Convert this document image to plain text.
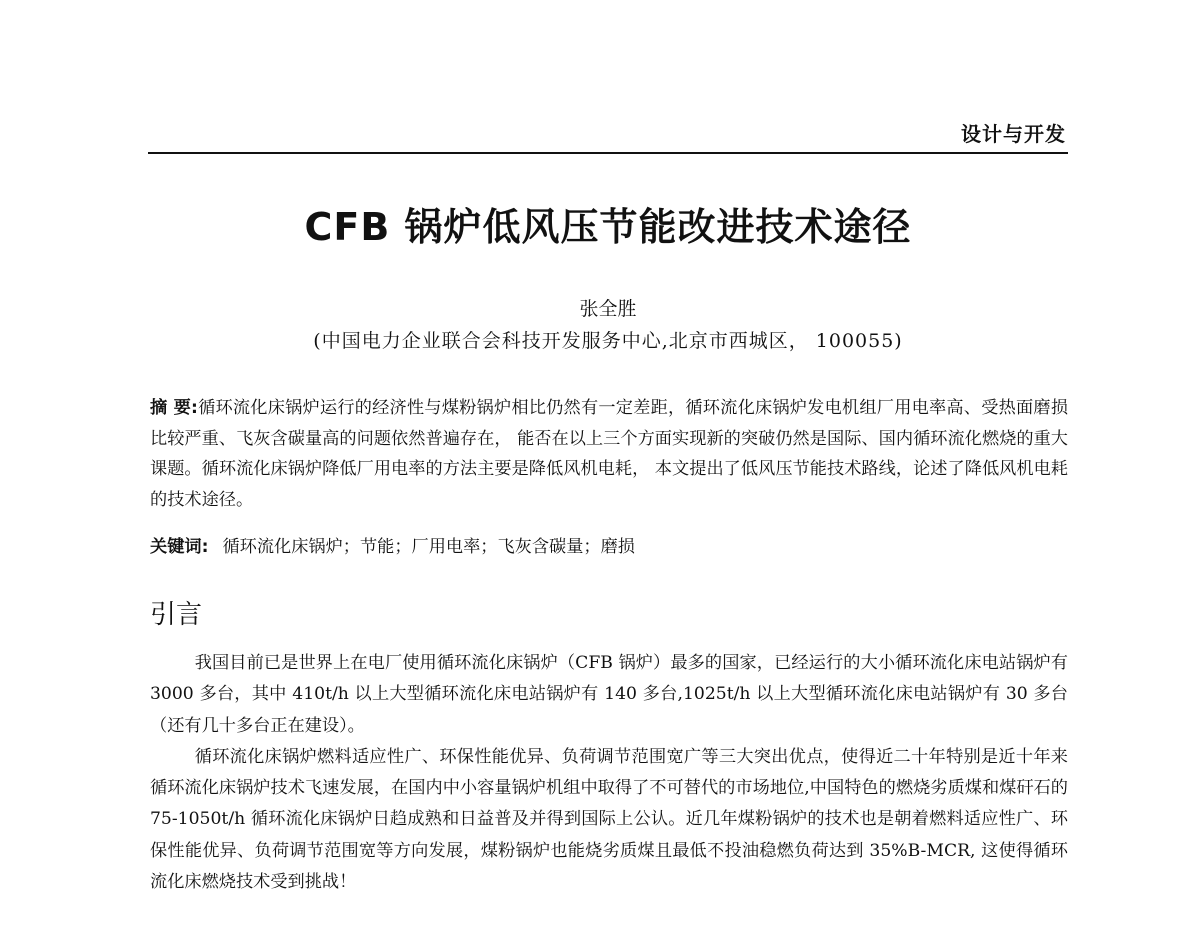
设计与开发
CFB 锅炉低风压节能改进技术途径
张全胜
(中国电力企业联合会科技开发服务中心,北京市西城区， 100055)
摘 要:循环流化床锅炉运行的经济性与煤粉锅炉相比仍然有一定差距，循环流化床锅炉发电机组厂用电率高、受热面磨损比较严重、飞灰含碳量高的问题依然普遍存在， 能否在以上三个方面实现新的突破仍然是国际、国内循环流化燃烧的重大课题。循环流化床锅炉降低厂用电率的方法主要是降低风机电耗， 本文提出了低风压节能技术路线，论述了降低风机电耗的技术途径。
关键词: 循环流化床锅炉；节能；厂用电率；飞灰含碳量；磨损
引言

我国目前已是世界上在电厂使用循环流化床锅炉（CFB 锅炉）最多的国家，已经运行的大小循环流化床电站锅炉有 3000 多台，其中 410t/h 以上大型循环流化床电站锅炉有 140 多台,1025t/h 以上大型循环流化床电站锅炉有 30 多台（还有几十多台正在建设）。

循环流化床锅炉燃料适应性广、环保性能优异、负荷调节范围宽广等三大突出优点，使得近二十年特别是近十年来循环流化床锅炉技术飞速发展，在国内中小容量锅炉机组中取得了不可替代的市场地位,中国特色的燃烧劣质煤和煤矸石的 75-1050t/h 循环流化床锅炉日趋成熟和日益普及并得到国际上公认。近几年煤粉锅炉的技术也是朝着燃料适应性广、环保性能优异、负荷调节范围宽等方向发展，煤粉锅炉也能烧劣质煤且最低不投油稳燃负荷达到 35%B-MCR, 这使得循环流化床燃烧技术受到挑战！
